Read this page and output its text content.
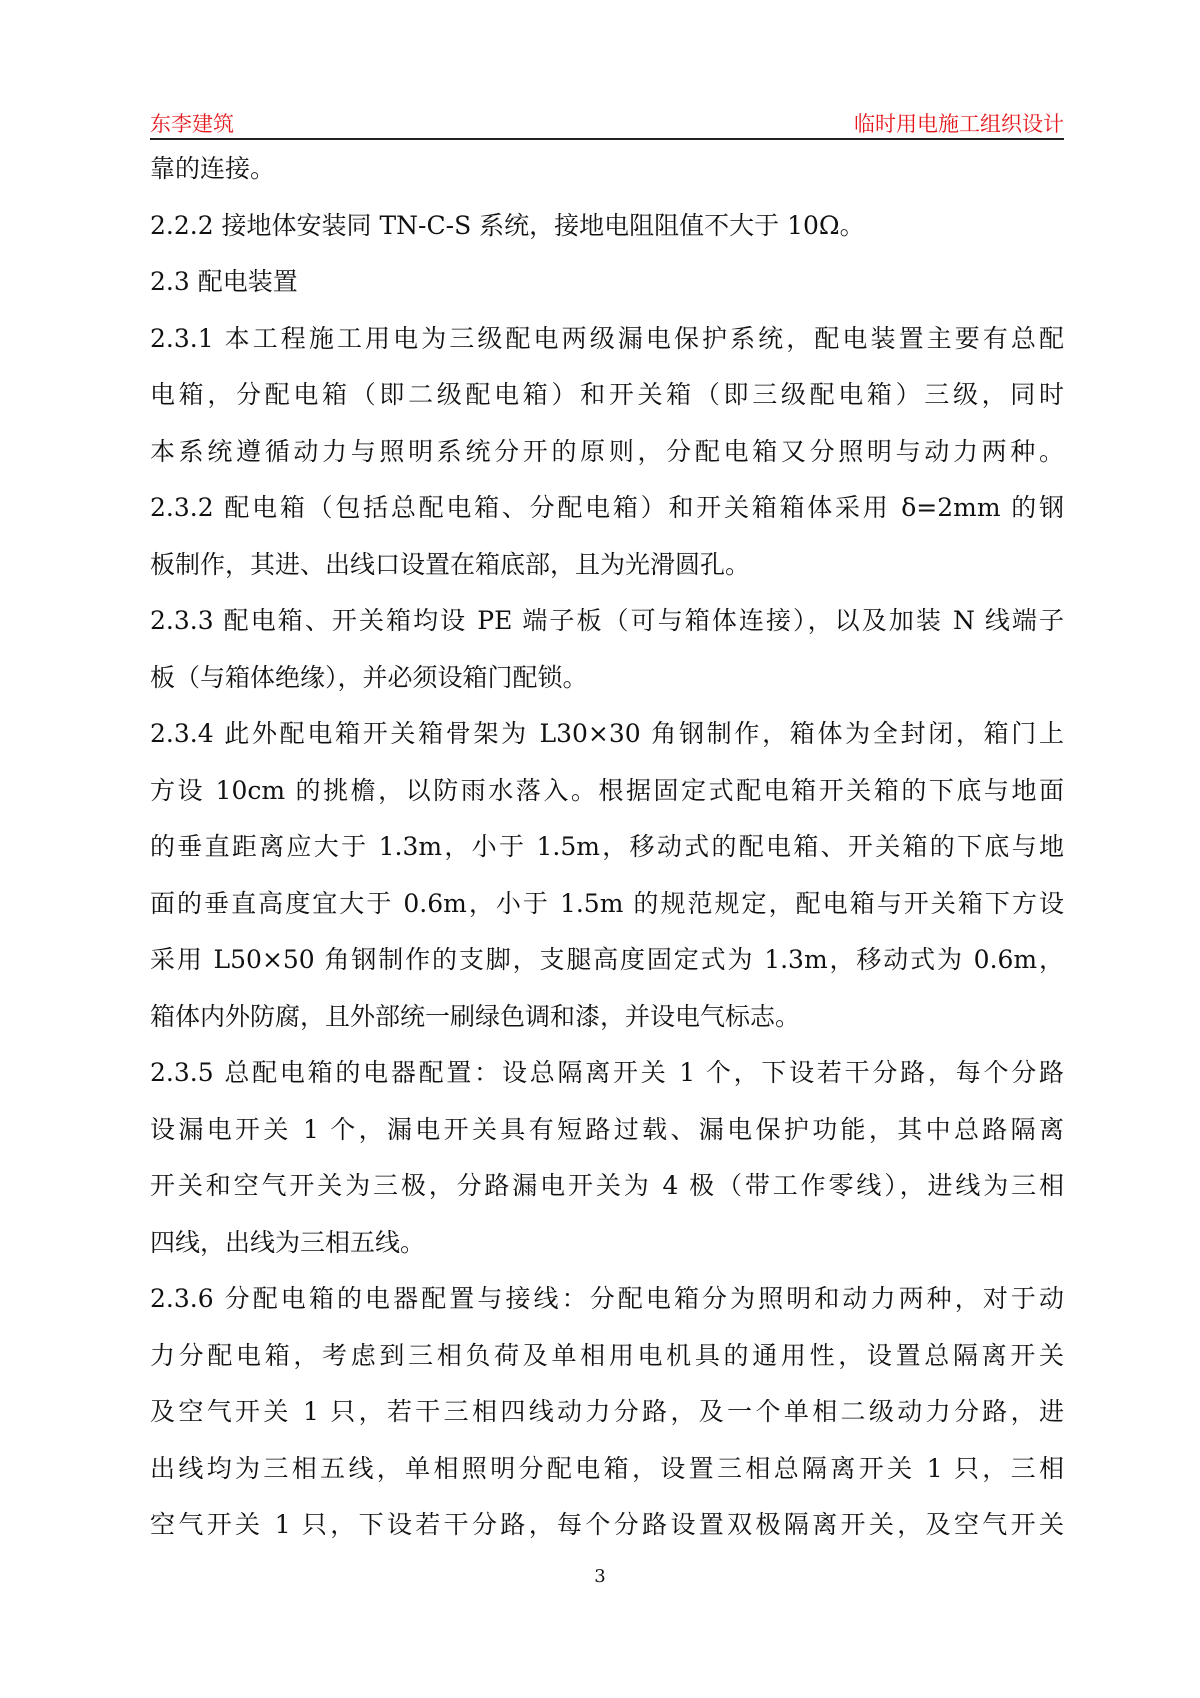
东李建筑	临时用电施工组织设计
靠的连接。
2.2.2 接地体安装同 TN-C-S 系统，接地电阻阻值不大于 10Ω。
2.3 配电装置
2.3.1 本工程施工用电为三级配电两级漏电保护系统，配电装置主要有总配
电箱，分配电箱（即二级配电箱）和开关箱（即三级配电箱）三级，同时
本系统遵循动力与照明系统分开的原则，分配电箱又分照明与动力两种。
2.3.2 配电箱（包括总配电箱、分配电箱）和开关箱箱体采用 δ=2mm 的钢
板制作，其进、出线口设置在箱底部，且为光滑圆孔。
2.3.3 配电箱、开关箱均设 PE 端子板（可与箱体连接），以及加装 N 线端子
板（与箱体绝缘），并必须设箱门配锁。
2.3.4 此外配电箱开关箱骨架为 L30×30 角钢制作，箱体为全封闭，箱门上
方设 10cm 的挑檐，以防雨水落入。根据固定式配电箱开关箱的下底与地面
的垂直距离应大于 1.3m，小于 1.5m，移动式的配电箱、开关箱的下底与地
面的垂直高度宜大于 0.6m，小于 1.5m 的规范规定，配电箱与开关箱下方设
采用 L50×50 角钢制作的支脚，支腿高度固定式为 1.3m，移动式为 0.6m，
箱体内外防腐，且外部统一刷绿色调和漆，并设电气标志。
2.3.5 总配电箱的电器配置：设总隔离开关 1 个，下设若干分路，每个分路
设漏电开关 1 个，漏电开关具有短路过载、漏电保护功能，其中总路隔离
开关和空气开关为三极，分路漏电开关为 4 极（带工作零线），进线为三相
四线，出线为三相五线。
2.3.6 分配电箱的电器配置与接线：分配电箱分为照明和动力两种，对于动
力分配电箱，考虑到三相负荷及单相用电机具的通用性，设置总隔离开关
及空气开关 1 只，若干三相四线动力分路，及一个单相二级动力分路，进
出线均为三相五线，单相照明分配电箱，设置三相总隔离开关 1 只，三相
空气开关 1 只，下设若干分路，每个分路设置双极隔离开关，及空气开关
3
